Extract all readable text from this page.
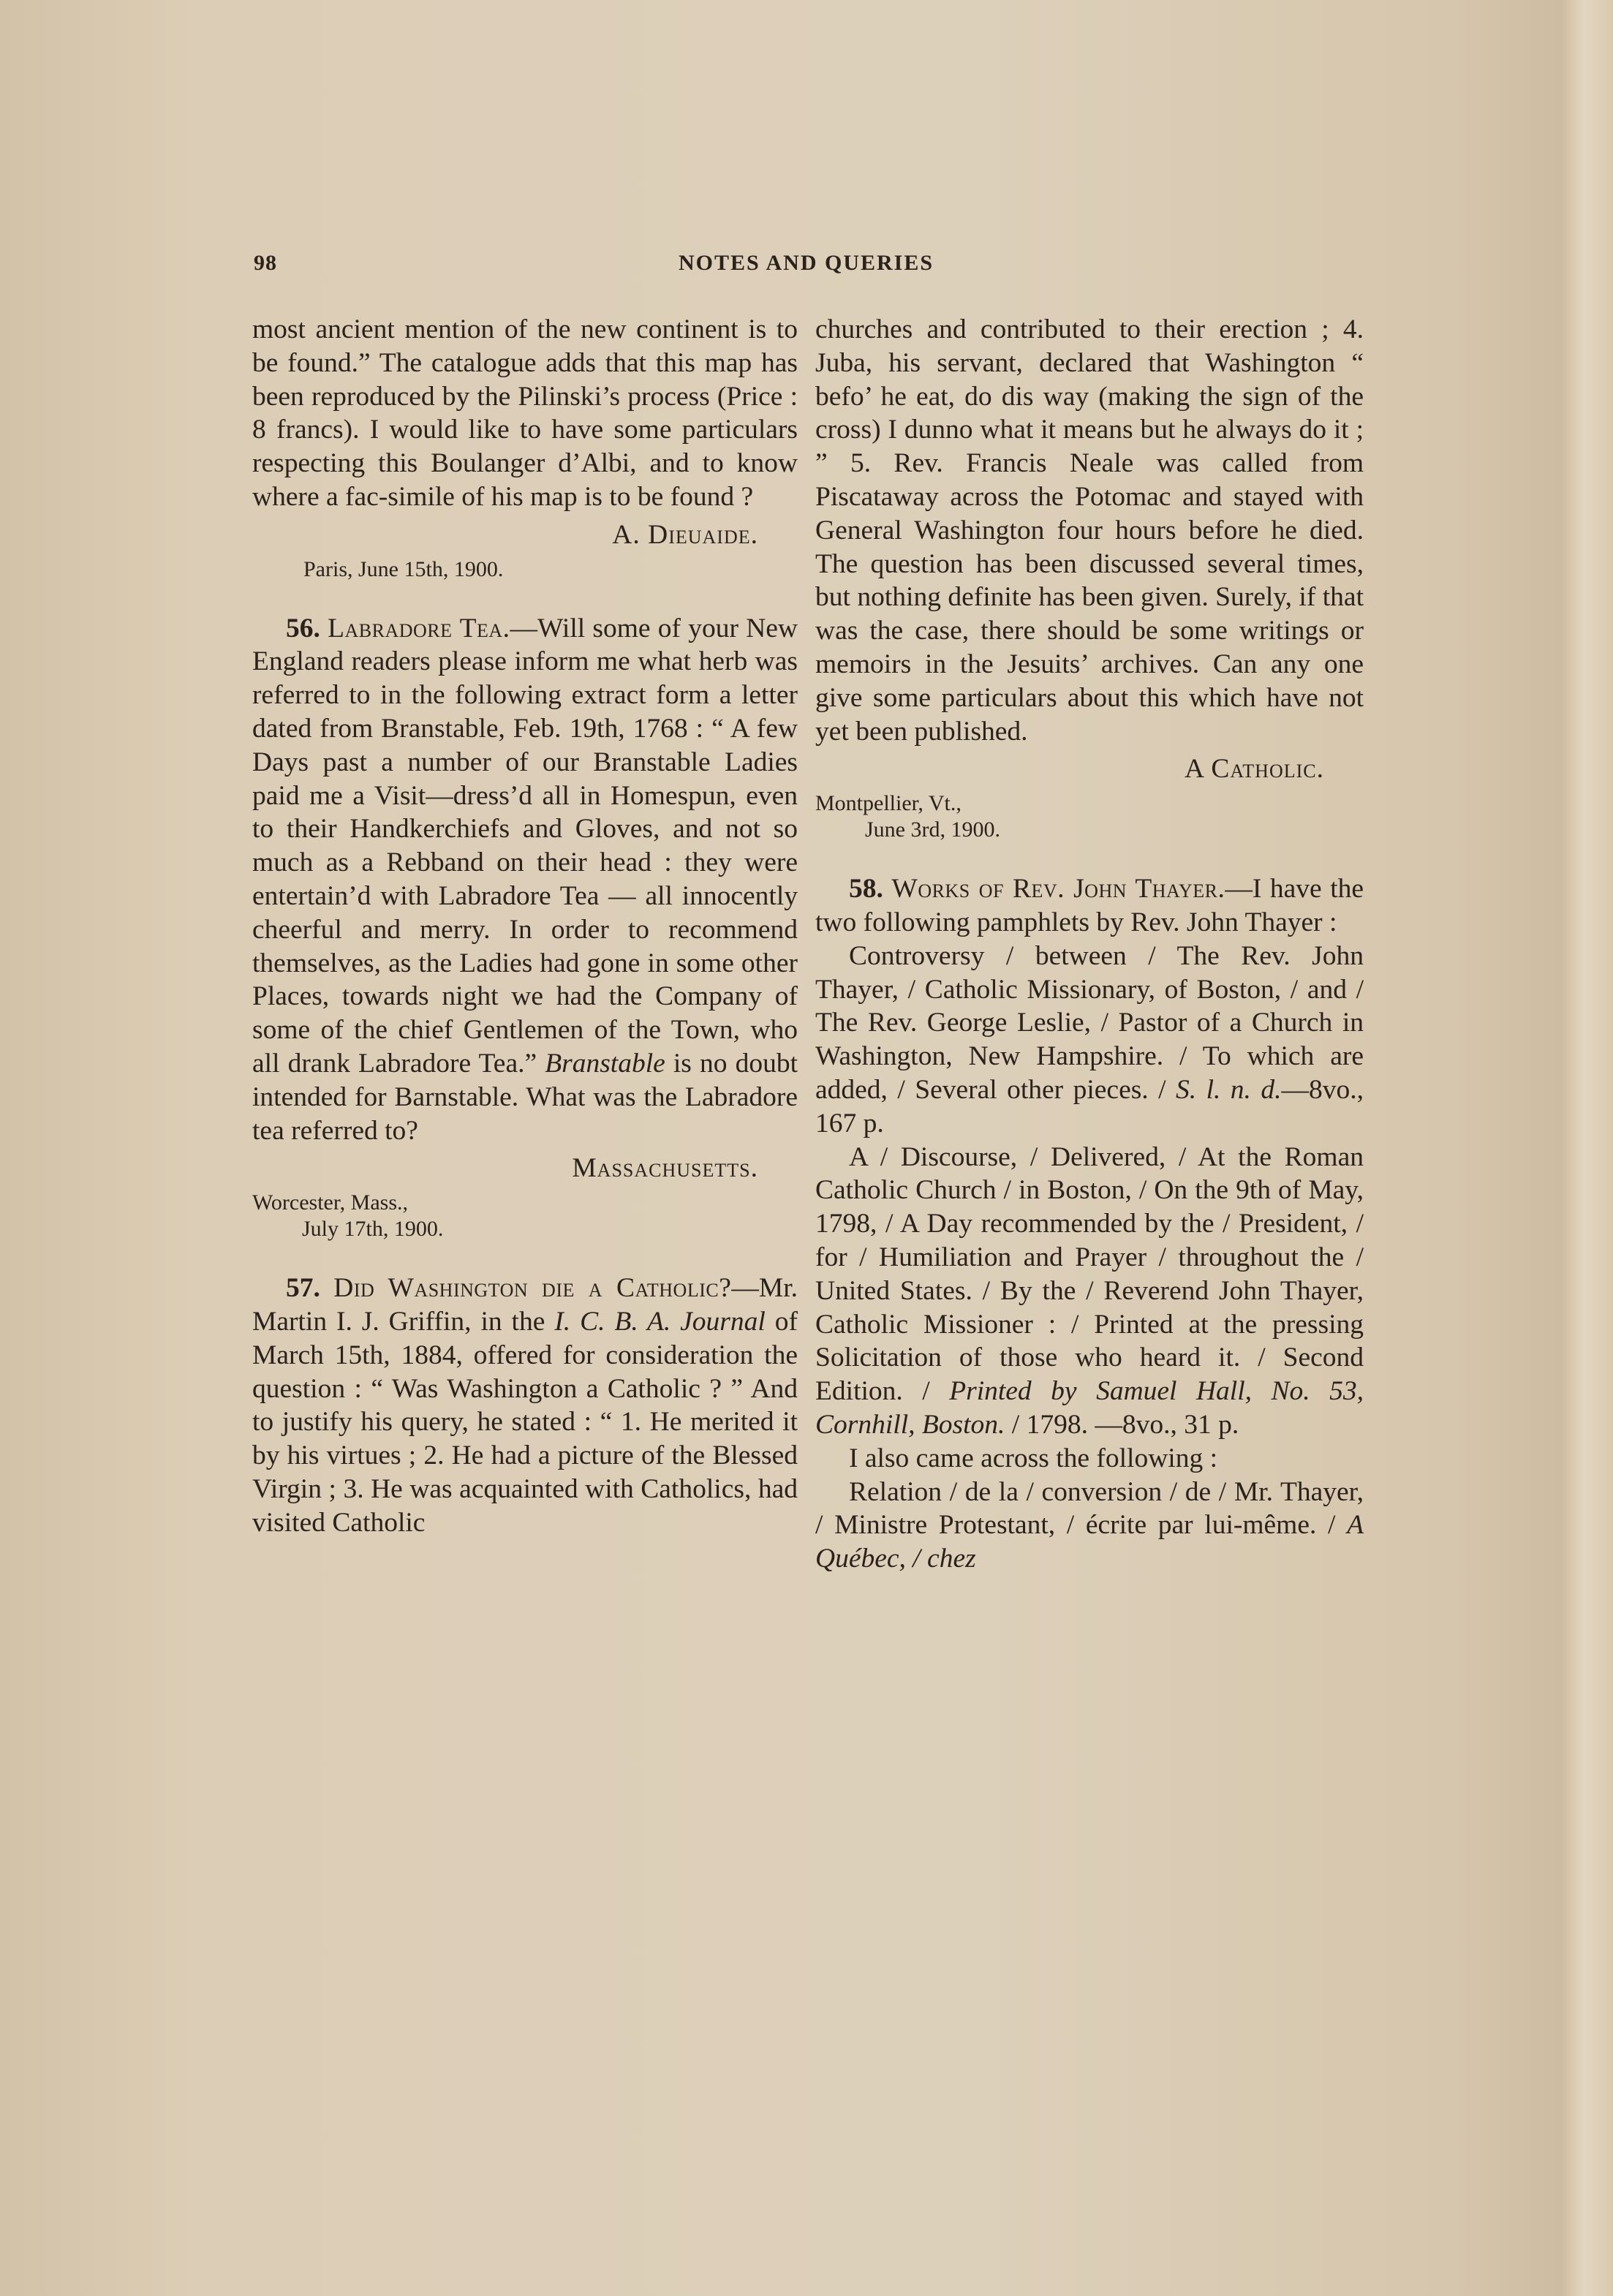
98	NOTES AND QUERIES

most ancient mention of the new continent is to be found.” The catalogue adds that this map has been reproduced by the Pilinski’s process (Price : 8 francs). I would like to have some particulars respecting this Boulanger d’Albi, and to know where a fac-simile of his map is to be found ?

A. Dieuaide.
Paris, June 15th, 1900.

56. Labradore Tea.—Will some of your New England readers please inform me what herb was referred to in the following extract form a letter dated from Branstable, Feb. 19th, 1768 : “ A few Days past a number of our Branstable Ladies paid me a Visit—dress’d all in Homespun, even to their Handkerchiefs and Gloves, and not so much as a Rebband on their head : they were entertain’d with Labradore Tea — all innocently cheerful and merry. In order to recommend themselves, as the Ladies had gone in some other Places, towards night we had the Company of some of the chief Gentlemen of the Town, who all drank Labradore Tea.” Branstable is no doubt intended for Barnstable. What was the Labradore tea referred to?

Massachusetts.
Worcester, Mass.,
July 17th, 1900.

57. Did Washington die a Catholic?—Mr. Martin I. J. Griffin, in the I. C. B. A. Journal of March 15th, 1884, offered for consideration the question : “ Was Washington a Catholic ? ” And to justify his query, he stated : “ 1. He merited it by his virtues ; 2. He had a picture of the Blessed Virgin ; 3. He was acquainted with Catholics, had visited Catholic

churches and contributed to their erection ; 4. Juba, his servant, declared that Washington “ befo’ he eat, do dis way (making the sign of the cross) I dunno what it means but he always do it ; ” 5. Rev. Francis Neale was called from Piscataway across the Potomac and stayed with General Washington four hours before he died. The question has been discussed several times, but nothing definite has been given. Surely, if that was the case, there should be some writings or memoirs in the Jesuits’ archives. Can any one give some particulars about this which have not yet been published.

A Catholic.
Montpellier, Vt.,
June 3rd, 1900.

58. Works of Rev. John Thayer.—I have the two following pamphlets by Rev. John Thayer :

Controversy / between / The Rev. John Thayer, / Catholic Missionary, of Boston, / and / The Rev. George Leslie, / Pastor of a Church in Washington, New Hampshire. / To which are added, / Several other pieces. / S. l. n. d.—8vo., 167 p.

A / Discourse, / Delivered, / At the Roman Catholic Church / in Boston, / On the 9th of May, 1798, / A Day recommended by the / President, / for / Humiliation and Prayer / throughout the / United States. / By the / Reverend John Thayer, Catholic Missioner : / Printed at the pressing Solicitation of those who heard it. / Second Edition. / Printed by Samuel Hall, No. 53, Cornhill, Boston. / 1798. —8vo., 31 p.

I also came across the following :

Relation / de la / conversion / de / Mr. Thayer, / Ministre Protestant, / écrite par lui-même. / A Québec, / chez
